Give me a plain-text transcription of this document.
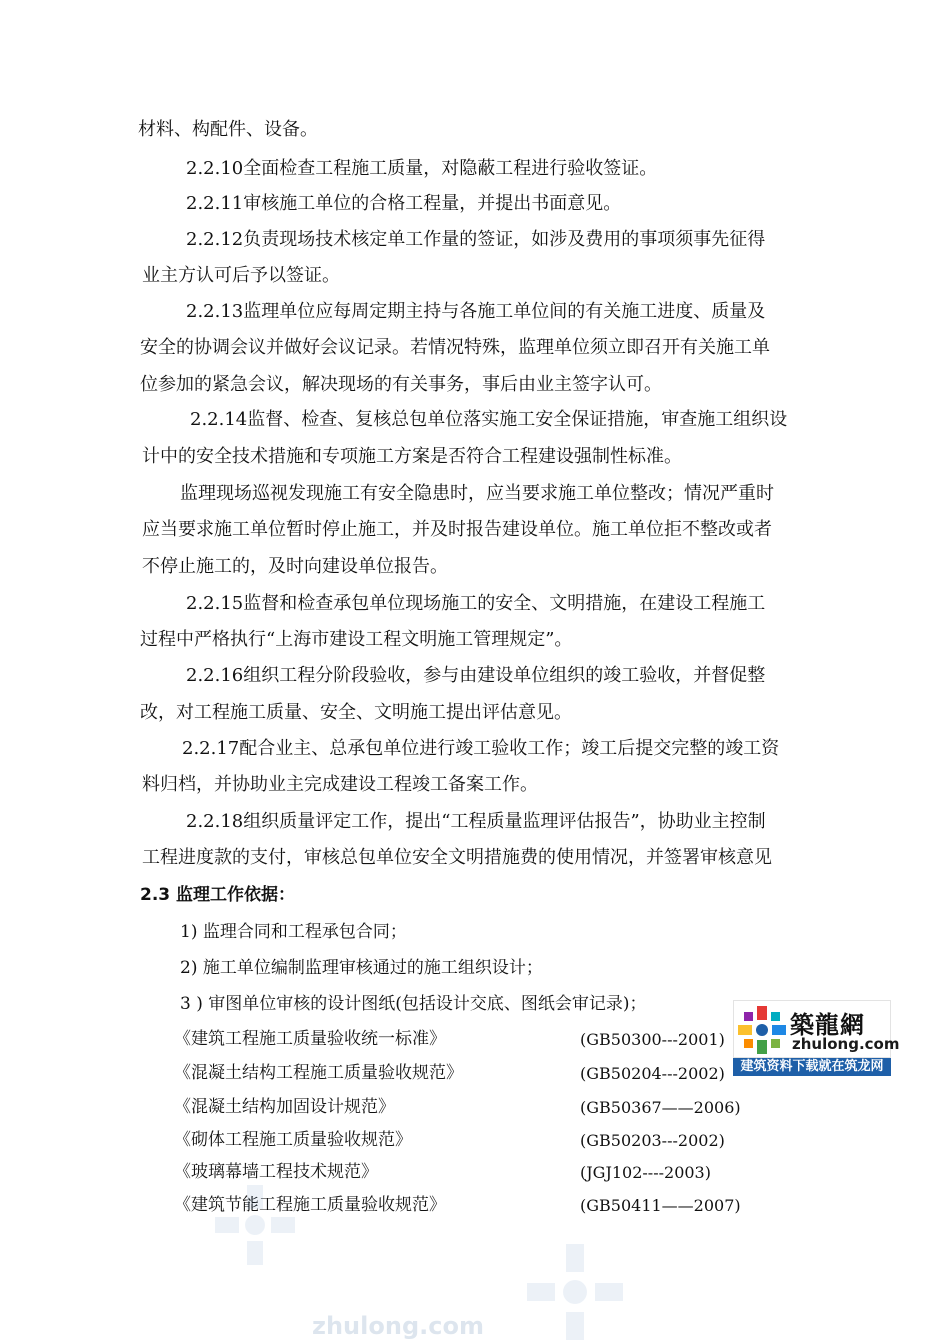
材料、构配件、设备。
2.2.10全面检查工程施工质量，对隐蔽工程进行验收签证。
2.2.11审核施工单位的合格工程量，并提出书面意见。
2.2.12负责现场技术核定单工作量的签证，如涉及费用的事项须事先征得
业主方认可后予以签证。
2.2.13监理单位应每周定期主持与各施工单位间的有关施工进度、质量及
安全的协调会议并做好会议记录。若情况特殊，监理单位须立即召开有关施工单
位参加的紧急会议，解决现场的有关事务，事后由业主签字认可。
2.2.14监督、检查、复核总包单位落实施工安全保证措施，审查施工组织设
计中的安全技术措施和专项施工方案是否符合工程建设强制性标准。
监理现场巡视发现施工有安全隐患时，应当要求施工单位整改；情况严重时
应当要求施工单位暂时停止施工，并及时报告建设单位。施工单位拒不整改或者
不停止施工的，及时向建设单位报告。
2.2.15监督和检查承包单位现场施工的安全、文明措施，在建设工程施工
过程中严格执行“上海市建设工程文明施工管理规定”。
2.2.16组织工程分阶段验收，参与由建设单位组织的竣工验收，并督促整
改，对工程施工质量、安全、文明施工提出评估意见。
2.2.17配合业主、总承包单位进行竣工验收工作；竣工后提交完整的竣工资
料归档，并协助业主完成建设工程竣工备案工作。
2.2.18组织质量评定工作，提出“工程质量监理评估报告”，协助业主控制
工程进度款的支付，审核总包单位安全文明措施费的使用情况，并签署审核意见
2.3 监理工作依据：
1) 监理合同和工程承包合同；
2) 施工单位编制监理审核通过的施工组织设计；
3 ) 审图单位审核的设计图纸(包括设计交底、图纸会审记录)；
《建筑工程施工质量验收统一标准》	(GB50300---2001)
《混凝土结构工程施工质量验收规范》	(GB50204---2002)
《混凝土结构加固设计规范》	(GB50367——2006)
《砌体工程施工质量验收规范》	(GB50203---2002)
《玻璃幕墙工程技术规范》	(JGJ102----2003)
《建筑节能工程施工质量验收规范》	(GB50411——2007)
築龍網
zhulong.com
建筑资料下载就在筑龙网
zhulong.com
